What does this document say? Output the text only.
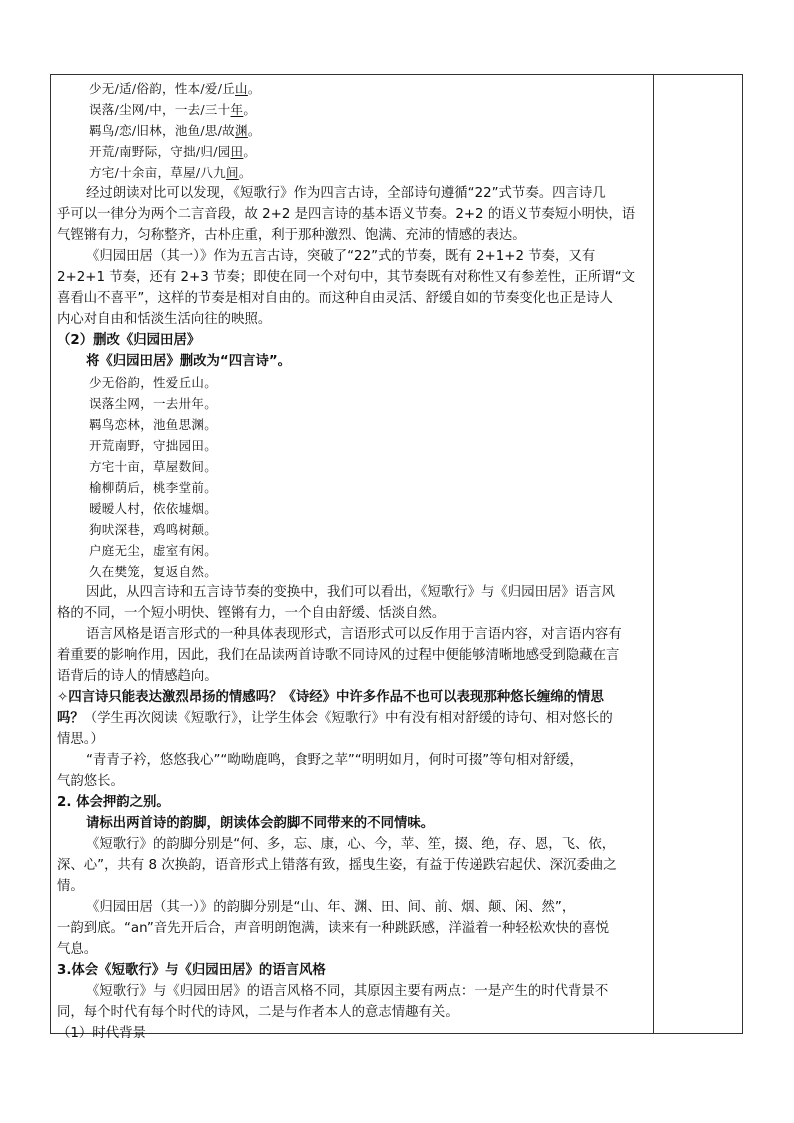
少无/适/俗韵，性本/爱/丘山。
误落/尘网/中，一去/三十年。
羁鸟/恋/旧林，池鱼/思/故渊。
开荒/南野际，守拙/归/园田。
方宅/十余亩，草屋/八九间。
经过朗读对比可以发现，《短歌行》作为四言古诗，全部诗句遵循“22”式节奏。四言诗几
乎可以一律分为两个二言音段，故 2+2 是四言诗的基本语义节奏。2+2 的语义节奏短小明快，语
气铿锵有力，匀称整齐，古朴庄重，利于那种激烈、饱满、充沛的情感的表达。
《归园田居（其一）》作为五言古诗，突破了“22”式的节奏，既有 2+1+2 节奏，又有
2+2+1 节奏，还有 2+3 节奏；即使在同一个对句中，其节奏既有对称性又有参差性，正所谓“文
喜看山不喜平”，这样的节奏是相对自由的。而这种自由灵活、舒缓自如的节奏变化也正是诗人
内心对自由和恬淡生活向往的映照。
（2）删改《归园田居》
将《归园田居》删改为“四言诗”。
少无俗韵，性爱丘山。
误落尘网，一去卅年。
羁鸟恋林，池鱼思渊。
开荒南野，守拙园田。
方宅十亩，草屋数间。
榆柳荫后，桃李堂前。
暧暧人村，依依墟烟。
狗吠深巷，鸡鸣树颠。
户庭无尘，虚室有闲。
久在樊笼，复返自然。
因此，从四言诗和五言诗节奏的变换中，我们可以看出，《短歌行》与《归园田居》语言风
格的不同，一个短小明快、铿锵有力，一个自由舒缓、恬淡自然。
语言风格是语言形式的一种具体表现形式，言语形式可以反作用于言语内容，对言语内容有
着重要的影响作用，因此，我们在品读两首诗歌不同诗风的过程中便能够清晰地感受到隐藏在言
语背后的诗人的情感趋向。
✧四言诗只能表达激烈昂扬的情感吗？《诗经》中许多作品不也可以表现那种悠长缠绵的情思
吗？（学生再次阅读《短歌行》，让学生体会《短歌行》中有没有相对舒缓的诗句、相对悠长的
情思。）
“青青子衿，悠悠我心”“呦呦鹿鸣，食野之苹”“明明如月，何时可掇”等句相对舒缓，
气韵悠长。
2. 体会押韵之别。
请标出两首诗的韵脚，朗读体会韵脚不同带来的不同情味。
《短歌行》的韵脚分别是“何、多，忘、康，心、今，苹、笙，掇、绝，存、恩，飞、依，
深、心”，共有 8 次换韵，语音形式上错落有致，摇曳生姿，有益于传递跌宕起伏、深沉委曲之
情。
《归园田居（其一）》的韵脚分别是“山、年、渊、田、间、前、烟、颠、闲、然”，
一韵到底。“an”音先开后合，声音明朗饱满，读来有一种跳跃感，洋溢着一种轻松欢快的喜悦
气息。
3.体会《短歌行》与《归园田居》的语言风格
《短歌行》与《归园田居》的语言风格不同，其原因主要有两点：一是产生的时代背景不
同，每个时代有每个时代的诗风，二是与作者本人的意志情趣有关。
（1）时代背景
